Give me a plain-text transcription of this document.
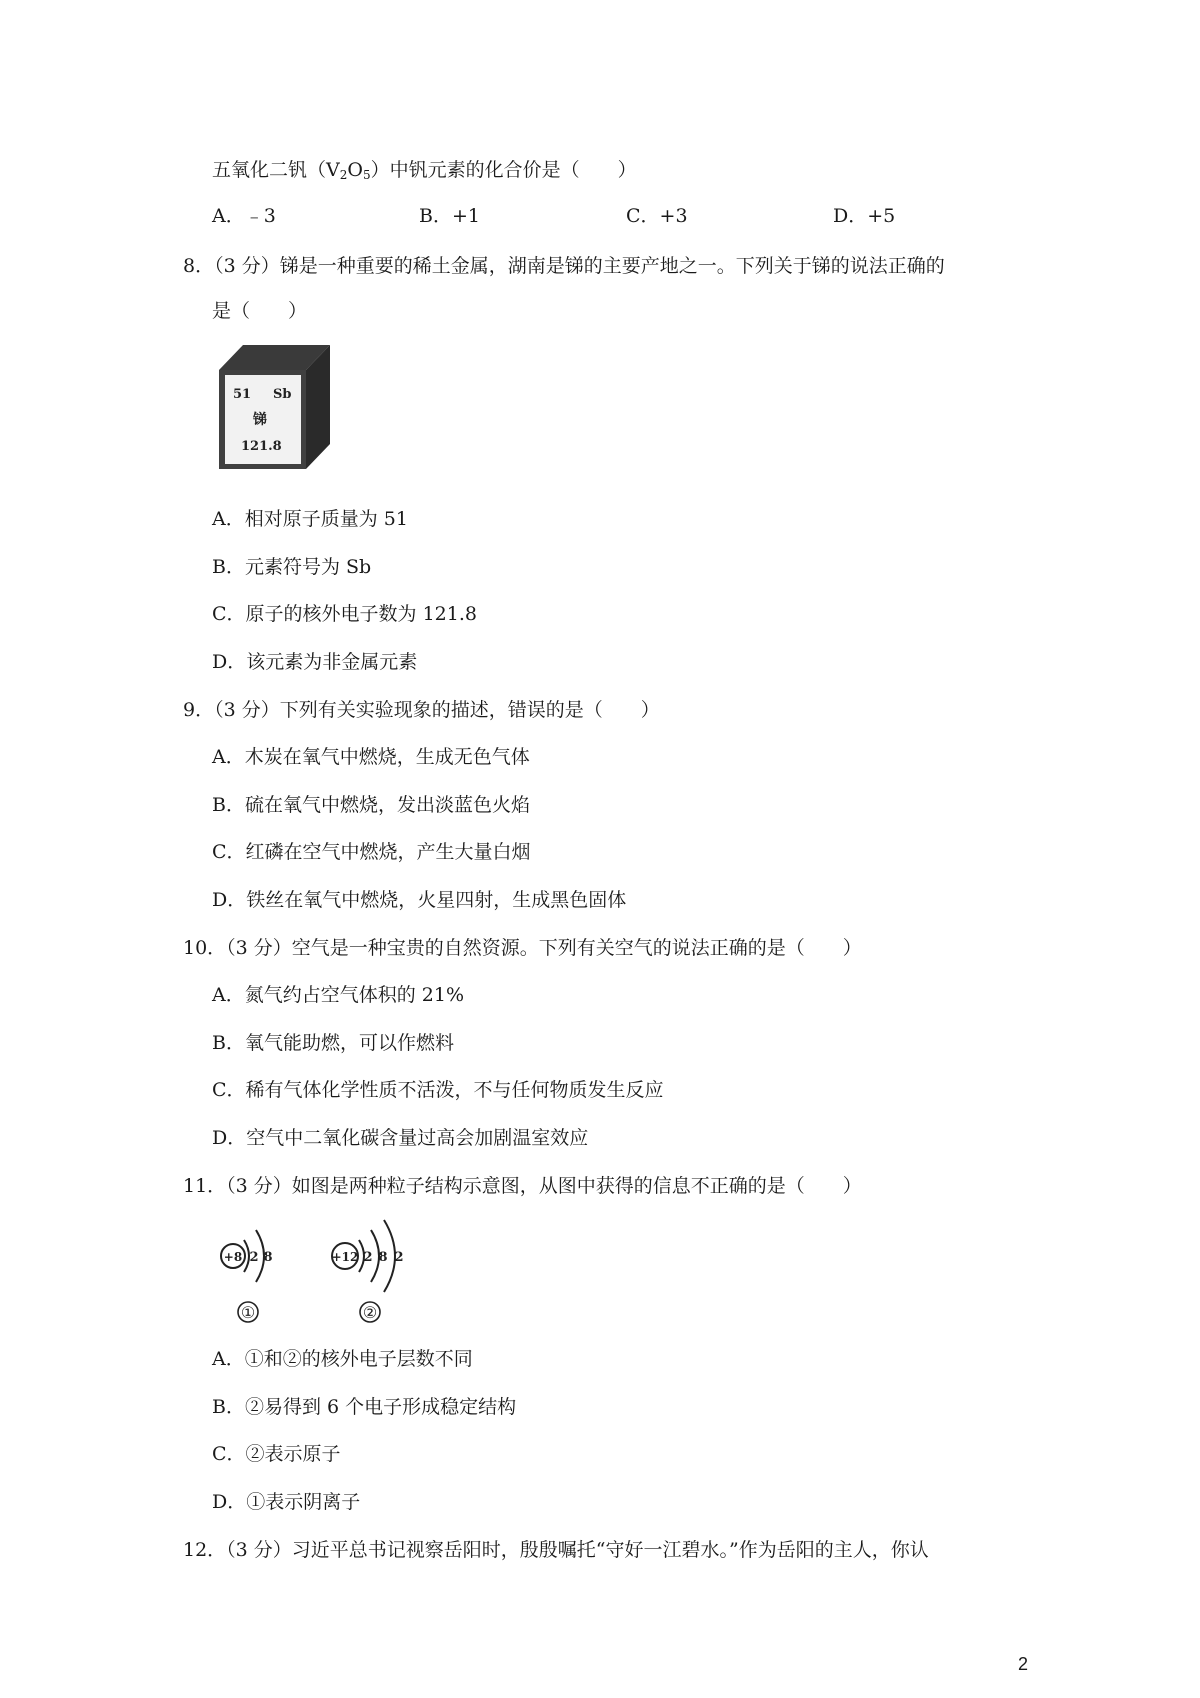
五氧化二钒$(V_2O_5)$中钒元素的化合价是（　　）
A．﹣3	B．+1	C．+3	D．+5
8．（3 分）锑是一种重要的稀土金属，湖南是锑的主要产地之一。下列关于锑的说法正确的
是（　　）
51 Sb
锑
121.8
A．相对原子质量为 51
B．元素符号为 Sb
C．原子的核外电子数为 121.8
D．该元素为非金属元素
9．（3 分）下列有关实验现象的描述，错误的是（　　）
A．木炭在氧气中燃烧，生成无色气体
B．硫在氧气中燃烧，发出淡蓝色火焰
C．红磷在空气中燃烧，产生大量白烟
D．铁丝在氧气中燃烧，火星四射，生成黑色固体
10．（3 分）空气是一种宝贵的自然资源。下列有关空气的说法正确的是（　　）
A．氮气约占空气体积的 21%
B．氧气能助燃，可以作燃料
C．稀有气体化学性质不活泼，不与任何物质发生反应
D．空气中二氧化碳含量过高会加剧温室效应
11．（3 分）如图是两种粒子结构示意图，从图中获得的信息不正确的是（　　）
+8 2 8
①
+12 2 8 2
②
A．①和②的核外电子层数不同
B．②易得到 6 个电子形成稳定结构
C．②表示原子
D．①表示阴离子
12．（3 分）习近平总书记视察岳阳时，殷殷嘱托“守好一江碧水。”作为岳阳的主人，你认
2
